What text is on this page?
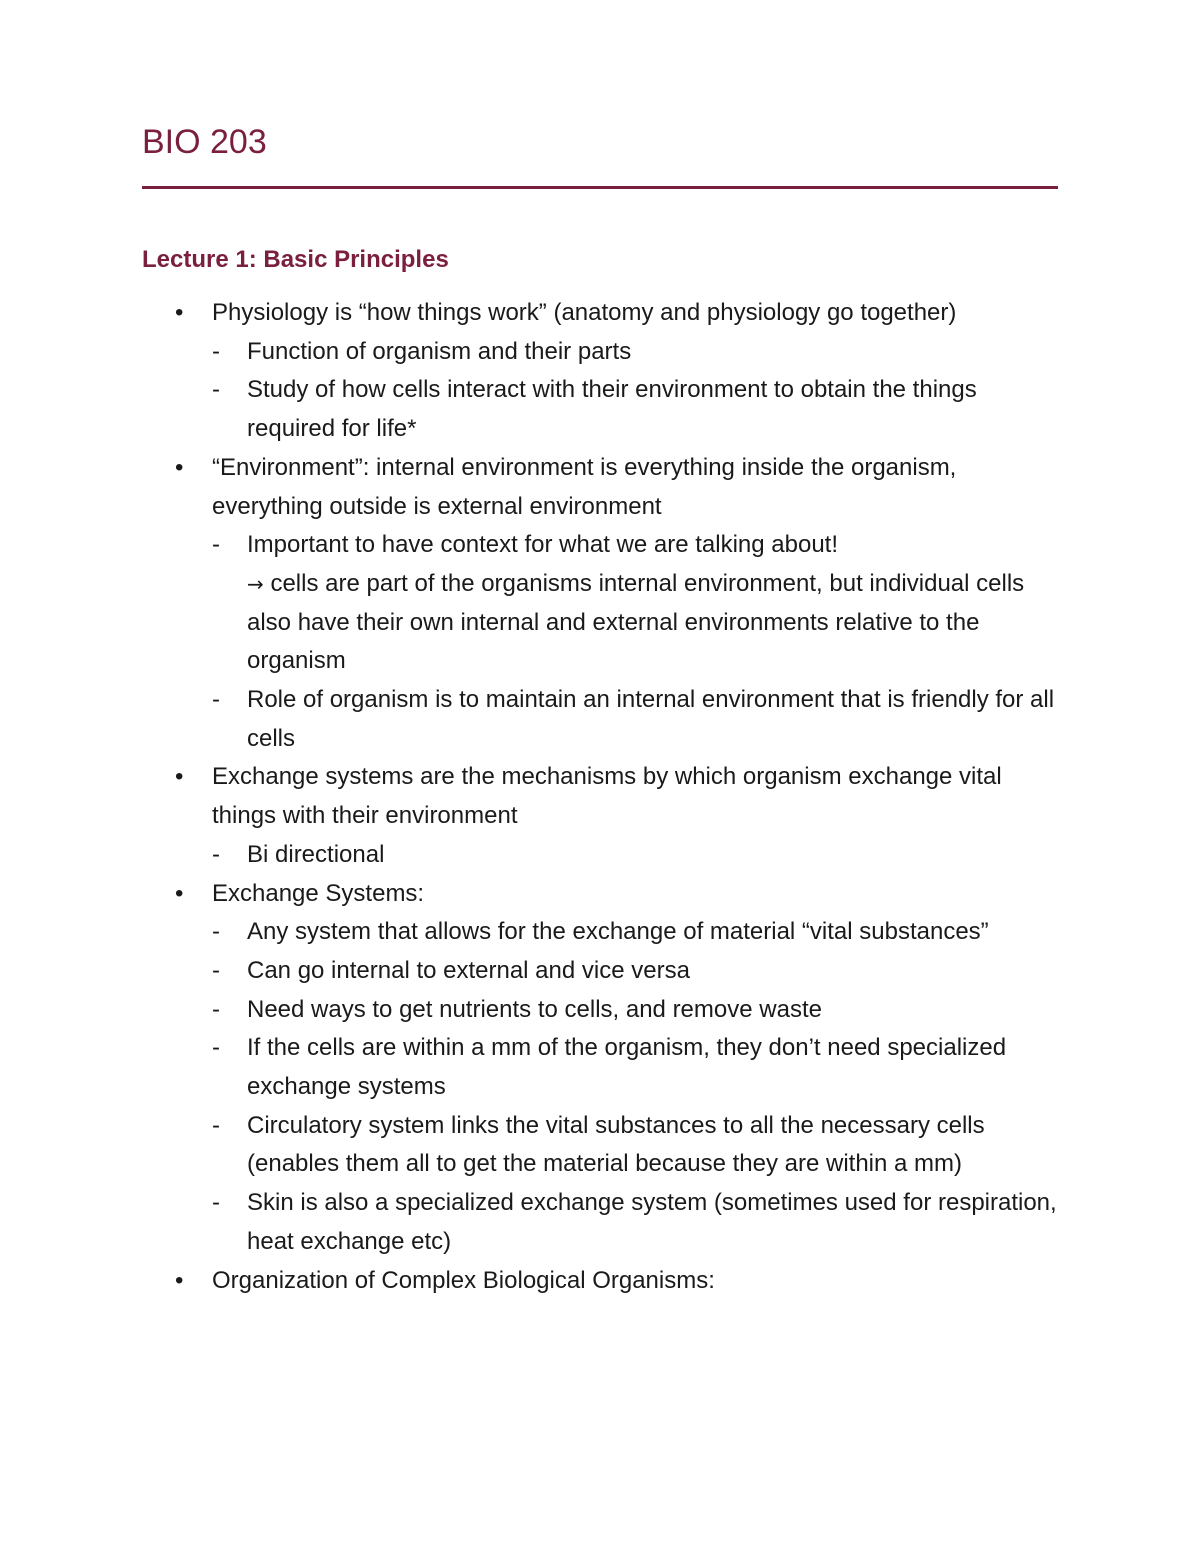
BIO 203
Lecture 1: Basic Principles
• Physiology is “how things work” (anatomy and physiology go together)
- Function of organism and their parts
- Study of how cells interact with their environment to obtain the things required for life*
• “Environment”: internal environment is everything inside the organism, everything outside is external environment
- Important to have context for what we are talking about!
→ cells are part of the organisms internal environment, but individual cells also have their own internal and external environments relative to the organism
- Role of organism is to maintain an internal environment that is friendly for all cells
• Exchange systems are the mechanisms by which organism exchange vital things with their environment
- Bi directional
• Exchange Systems:
- Any system that allows for the exchange of material “vital substances”
- Can go internal to external and vice versa
- Need ways to get nutrients to cells, and remove waste
- If the cells are within a mm of the organism, they don’t need specialized exchange systems
- Circulatory system links the vital substances to all the necessary cells (enables them all to get the material because they are within a mm)
- Skin is also a specialized exchange system (sometimes used for respiration, heat exchange etc)
• Organization of Complex Biological Organisms:
